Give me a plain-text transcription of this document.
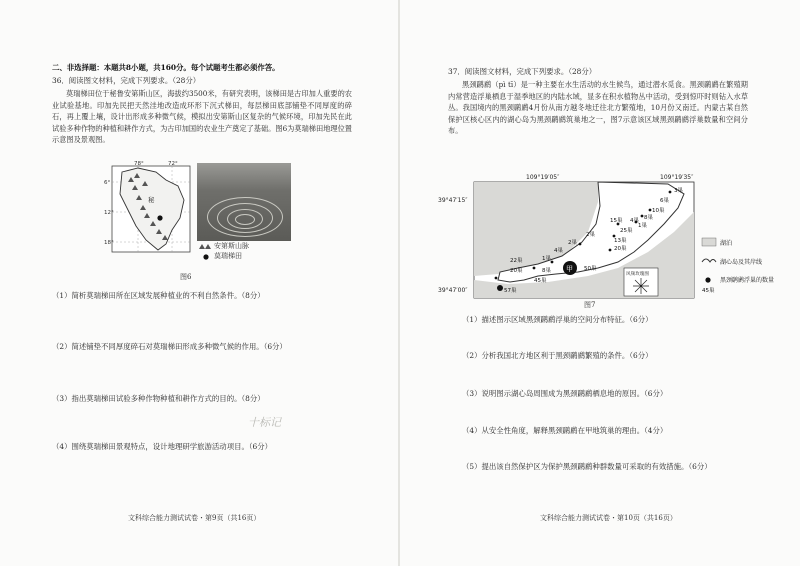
二、非选择题：本题共8小题，共160分。每个试题考生都必须作答。
36．阅读图文材料，完成下列要求。（28分）
莫瑞梯田位于秘鲁安第斯山区，海拔约3500米，有研究表明，该梯田是古印加人重要的农业试验基地。印加先民把天然洼地改造成环形下沉式梯田，每层梯田底部铺垫不同厚度的碎石，再上覆上壤，设计出形成多种微气候，模拟出安第斯山区复杂的气候环境，印加先民在此试验多种作物的种植和耕作方式，为古印加国的农业生产奠定了基础。图6为莫瑞梯田地理位置示意图及景观图。
78°	72°
6°
12°
18°
秘
安第斯山脉
莫瑞梯田
图6
（1）简析莫瑞梯田所在区域发展种植业的不利自然条件。（8分）
（2）简述铺垫不同厚度碎石对莫瑞梯田形成多种微气候的作用。（6分）
（3）指出莫瑞梯田试验多种作物种植和耕作方式的目的。（8分）
十标记
（4）围绕莫瑞梯田景观特点，设计地理研学旅游活动项目。（6分）
文科综合能力测试试卷・第9页（共16页）
37．阅读图文材料，完成下列要求。（28分）
黑颈䴙䴘（pì tī）是一种主要在水生活动的水生候鸟，通过潜水觅食。黑颈䴙䴘在繁殖期内常营造浮巢栖息于湿季地区的内陆水域，显多在积水植物丛中活动，受到惊吓时则钻入水草丛。我国境内的黑颈䴙䴘4月份从南方越冬地迁往北方繁殖地，10月份又南迁。内蒙古某自然保护区核心区内的湖心岛为黑颈䴙䴘筑巢地之一，图7示意该区域黑颈䴙䴘浮巢数量和空间分布。
109°19′05″	109°19′35″
39°47′15″
39°47′00″
甲
3巢
6巢
10巢
8巢
4巢
1巢
25巢
15巢
2巢
13巢
20巢
2巢
4巢
1巢
22巢
20巢	8巢	50巢
45巢
57巢
风频玫瑰图
湖泊
湖心岛及其岸线
黑颈䴙䴘浮巢的数量
45巢
图7
（1）描述图示区域黑颈䴙䴘浮巢的空间分布特征。（6分）
（2）分析我国北方地区利于黑颈䴙䴘繁殖的条件。（6分）
（3）说明图示湖心岛周围成为黑颈䴙䴘栖息地的原因。（6分）
（4）从安全性角度，解释黑颈䴙䴘在甲地筑巢的理由。（4分）
（5）提出该自然保护区为保护黑颈䴙䴘种群数量可采取的有效措施。（6分）
文科综合能力测试试卷・第10页（共16页）
